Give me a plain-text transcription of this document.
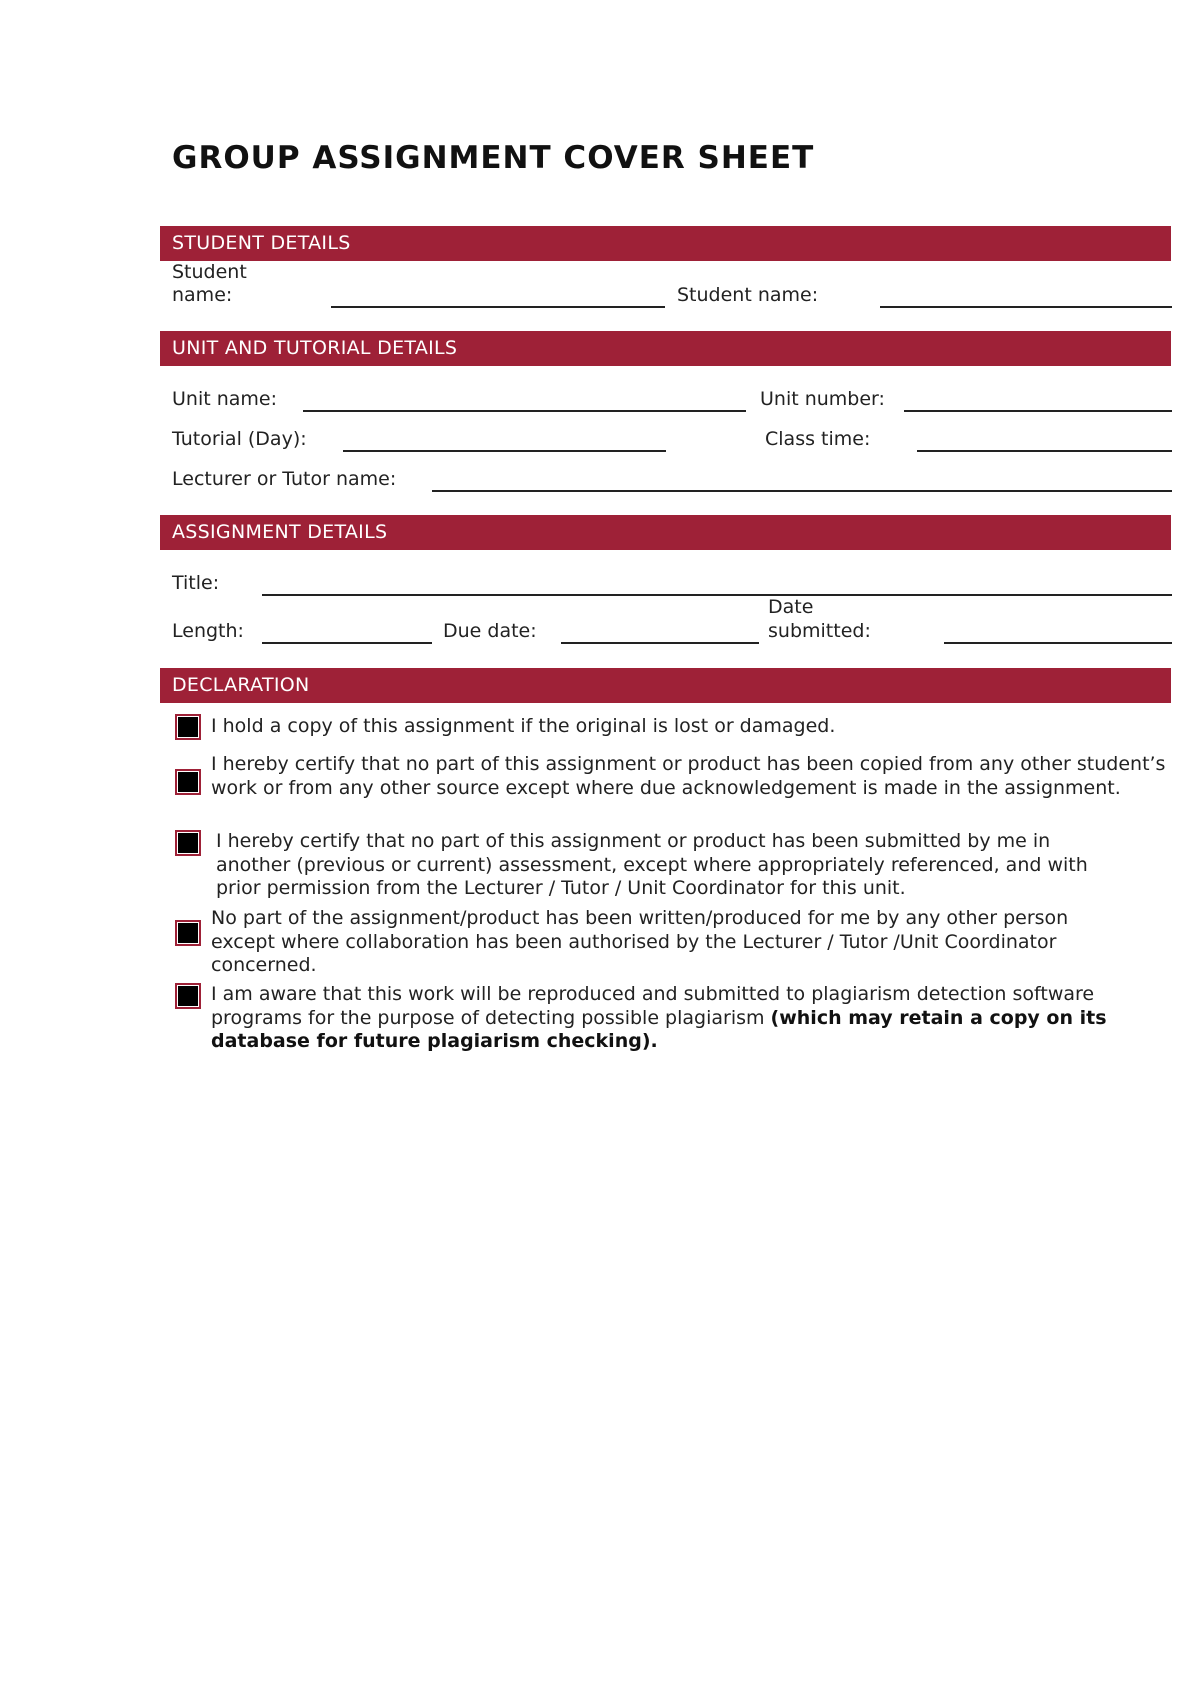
GROUP ASSIGNMENT COVER SHEET
STUDENT DETAILS
Student
name:	Student name:
UNIT AND TUTORIAL DETAILS
Unit name:	Unit number:
Tutorial (Day):	Class time:
Lecturer or Tutor name:
ASSIGNMENT DETAILS
Title:
Date
Length:	Due date:	submitted:
DECLARATION

I hold a copy of this assignment if the original is lost or damaged.

I hereby certify that no part of this assignment or product has been copied from any other student’s work or from any other source except where due acknowledgement is made in the assignment.

I hereby certify that no part of this assignment or product has been submitted by me in another (previous or current) assessment, except where appropriately referenced, and with prior permission from the Lecturer / Tutor / Unit Coordinator for this unit.

No part of the assignment/product has been written/produced for me by any other person except where collaboration has been authorised by the Lecturer / Tutor /Unit Coordinator concerned.

I am aware that this work will be reproduced and submitted to plagiarism detection software programs for the purpose of detecting possible plagiarism (which may retain a copy on its database for future plagiarism checking).
